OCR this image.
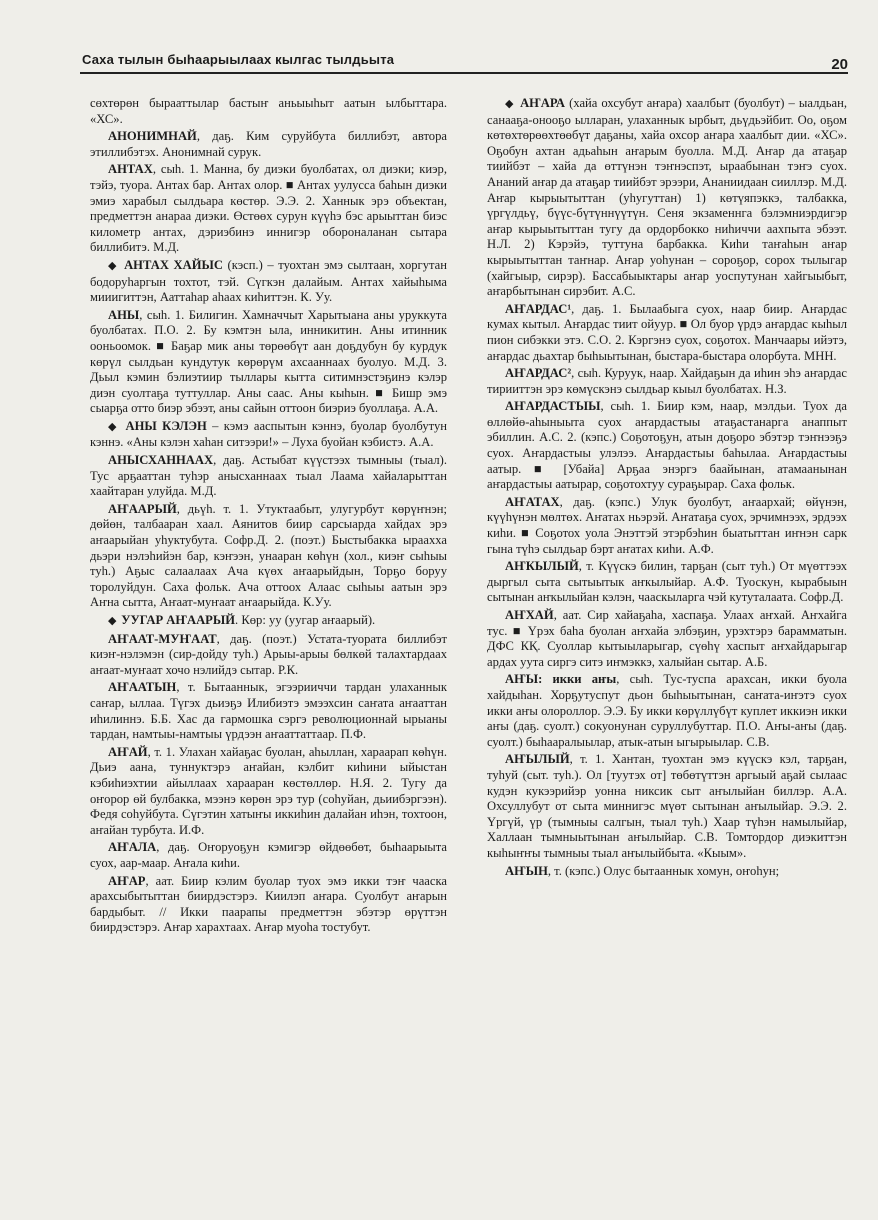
Саха тылын быһаарыылаах кылгас тылдьыта	20

сөхтөрөн бырааттылар бастыҥ аньыыһыт аатын ылбыттара. «ХС».

АНОНИМНАЙ, даҕ. Ким суруйбута биллибэт, автора этиллибэтэх. Анонимнай сурук.

АНТАХ, сыһ. 1. Манна, бу диэки буолбатах, ол диэки; киэр, тэйэ, туора. Антах бар. Антах олор. ■ Антах уулусса баһын диэки эмиэ харабыл сылдьара көстөр. Э.Э. 2. Ханнык эрэ объектан, предметтэн анараа диэки. Өстөөх сурун күүһэ бэс арыыттан биэс километр антах, дэриэбинэ иннигэр обороналанан сытара биллибитэ. М.Д.

◆ АНТАХ ХАЙЫС (кэсп.) – туохтан эмэ сылтаан, хоргутан бодоруһаргын тохтот, тэй. Сүгкэн далайым. Антах хайыһыма мииигиттэн, Ааттаһар аһаах киһиттэн. К. Уу.

АНЫ, сыһ. 1. Билигин. Хамначчыт Харытыана аны уруккута буолбатах. П.О. 2. Бу кэмтэн ыла, инникитин. Аны итинник ооньоомок. ■ Баҕар мик аны төрөөбүт аан доҕдубун бу курдук көрүл сылдьан кундутук көрөрүм ахсааннаах буолуо. М.Д. 3. Дьыл кэмин бэлиэтиир тыллары кытта ситимнэстэҕинэ кэлэр диэн суолтаҕа туттуллар. Аны саас. Аны кыһын. ■ Бишр эмэ сыарҕа отто биэр эбээт, аны сайын оттоон биэриэ буоллаҕа. А.А.

◆ АНЫ КЭЛЭН – кэмэ ааспытын кэннэ, буолар буолбутун кэннэ. «Аны кэлэн хаһан ситээри!» – Луха буойан кэбистэ. А.А.

АНЫСХАННААХ, даҕ. Астыбат күүстээх тымныы (тыал). Тус арҕааттан туһэр анысханнаах тыал Лаама хайаларыттан хаайтаран улуйда. М.Д.

АҤААРЫЙ, дьүһ. т. 1. Утуктаабыт, улугурбут көрүҥнэн; дөйөн, талбааран хаал. Аянитов бииp сарсыарда хайдах эрэ аҥаарыйан уһуктубута. Софр.Д. 2. (поэт.) Быстыбакка ыраахха дьэри нэлэһийэн бар, кэҥээн, унааран көһүн (хол., киэҥ сыһыы туһ.) Аҕыс салаалаах Ача күөх аҥаарыйдын, Торҕо боруу торолуйдун. Саха фольк. Ача оттоох Алаас сыһыы аатын эрэ Аҥна сытта, Аҥаат-муҥаат аҥаарыйда. К.Уу.

◆ УУГАР АҤААРЫЙ. Көр: уу (уугар аҥаарый).

АҤААТ-МУҤААТ, даҕ. (поэт.) Устата-туората биллибэт киэҥ-нэлэмэн (сир-дойду туһ.) Арыы-арыы бөлкөй талахтардаах аҥаат-муҥаат хочо нэлийдэ сытар. Р.К.

АҤААТЫН, т. Бытааннык, эгээрииччи тардан улаханнык саҥар, ыллаа. Түгэх дьиэҕэ Илибиэтэ эмээхсин саҥата аҥааттан иһилиннэ. Б.Б. Хас да гармошка сэргэ революционнай ырыаны тардан, намтыы-намтыы үрдээн аҥааттаттаар. П.Ф.

АҤАЙ, т. 1. Улахан хайаҕас буолан, аһыллан, хараарап көһүн. Дьиэ аана, туннуктэрэ аҥайан, кэлбит киһини ыйыстан кэбиһиэхтии айыллаах харааран көстөллөр. Н.Я. 2. Тугу да оҥорор өй булбакка, мээнэ көрөн эрэ тур (соһуйан, дьиибэргээн). Федя соһуйбута. Сүгэтин хатыҥы иккиһин далайан иһэн, тохтоон, аҥайан турбута. И.Ф.

АҤАЛА, даҕ. Оҥоруоҕун кэмигэр өйдөөбөт, быһаарыыта суох, аар-маар. Аҥала киһи.

АҤАР, аат. Биир кэлим буолар туох эмэ икки тэҥ чааска арахсыбытыттан биирдэстэрэ. Киилэп аҥара. Суолбут аҥарын бардыбыт. // Икки паарапы предметтэн эбэтэр өрүттэн биирдэстэрэ. Аҥар харахтаах. Аҥар муоһа тостубут.

◆ АҤАРА (хайа охсубут аҥара) хаалбыт (буолбут) – ыалдьан, санааҕа-онооҕо ылларан, улаханнык ырбыт, дьүдьэйбит. Оо, оҕом көтөхтөрөөхтөөбүт даҕаны, хайа охсор аҥара хаалбыт дии. «ХС». Оҕобун ахтан адьаһын аҥарым буолла. М.Д. Аҥар да атаҕар тиийбэт – хайа да өттүнэн тэҥнэспэт, ыраабынан тэҥэ суох. Ананий аҥар да атаҕар тиийбэт эрээри, Ананиидаан сииллэр. М.Д. Аҥар кырыытыттан (уһугуттан) 1) көтүяпэккэ, талбакка, үргүлдьү, бүүс-бүтүннүүтүн. Сеня экзаменнга бэлэмниэрдигэр аҥар кырыытыттан тугу да ордорбокко ниһиччи аахпыта эбээт. Н.Л. 2) Кэрэйэ, туттуна барбакка. Киһи таҥаһын аҥар кырыытыттан таҥнар. Аҥар уоһунан – сороҕор, сорох тылыгар (хайгыыр, сирэр). Бассабыыктары аҥар уоспутунан хайгыыбыт, аҥарбытынан сирэбит. А.С.

АҤАРДАС¹, даҕ. 1. Былаабыга суох, наар биир. Аҥардас кумах кытыл. Аҥардас тиит ойуур. ■ Ол буор үрдэ аҥардас кыһыл пион сибэкки этэ. С.О. 2. Кэргэнэ суох, соҕотох. Манчаары ийэтэ, аҥардас дьахтар быһыытынан, быстара-быстара олорбута. МНН.

АҤАРДАС², сыһ. Куруук, наар. Хайдаҕын да иһин эһэ аҥардас тирииттэн эрэ көмүскэнэ сылдьар кыыл буолбатах. Н.З.

АҤАРДАСТЫЫ, сыһ. 1. Биир кэм, наар, мэлдьи. Туох да өллөйө-аһыныыта суох аҥардастыы атаҕастанарга анаппыт эбиллин. А.С. 2. (кэпс.) Соҕотоҕун, атын доҕоро эбэтэр тэҥнээҕэ суох. Аҥардастыы улэлээ. Аҥардастыы баһылаа. Аҥардастыы аатыр. ■ [Убайа] Арҕаа энэргэ баайынан, атамаанынан аҥардастыы аатырар, соҕотохтуу сураҕырар. Саха фольк.

АҤАТАХ, даҕ. (кэпс.) Улук буолбут, аҥаархай; өйүнэн, күүһүнэн мөлтөх. Аҥатах ньэрэй. Аҥатаҕа суох, эрчимнээх, эрдээх киһи. ■ Соҕотох уола Энэттэй этэрбэһин быатыттан иҥнэн сарк гына түһэ сылдьар бэрт аҥатах киһи. А.Ф.

АҤКЫЛЫЙ, т. Күүскэ билин, тарҕан (сыт туһ.) От мүөттээх дыргыл сыта сытыытык аҥкылыйар. А.Ф. Туоскун, кырабыын сытынан аҥкылыйан кэлэн, чааскыларга чэй кутуталаата. Софр.Д.

АҤХАЙ, аат. Сир хайаҕаһа, хаспаҕа. Улаах аҥхай. Аҥхайга тус. ■ Үрэх баһа буолан аҥхайа элбэҕин, урэхтэрэ барамматын. ДФС КҚ. Суоллар кытыыларыгар, сүөһү хаспыт аҥхайдарыгар ардах уута сиргэ ситэ иҥмэккэ, халыйан сытар. А.Б.

АҤЫ: икки аҥы, сыһ. Тус-туспа арахсан, икки буола хайдыһан. Хорҕутуспут дьон быһыытынан, саҥата-иҥэтэ суох икки аҥы олороллор. Э.Э. Бу икки көрүллүбүт куплет иккиэн икки аҥы (даҕ. суолт.) сокуонунан суруллубуттар. П.О. Аҥы-аҥы (даҕ. суолт.) быһааралыылар, атык-атын ыгырыылар. С.В.

АҤЫЛЫЙ, т. 1. Хантан, туохтан эмэ күүскэ кэл, тарҕан, туһуй (сыт. туһ.). Ол [туутэх от] төбөтүттэн аргыый аҕай сылаас кудэн кукээрийэр уонна никсик сыт аҥылыйан биллэр. А.А. Охсуллубут от сыта миннигэс мүөт сытынан аҥылыйар. Э.Э. 2. Үргүй, үр (тымныы салгын, тыал туһ.) Хаар түһэн намылыйар, Халлаан тымныытынан аҥылыйар. С.В. Томтордор диэкиттэн кыһыҥҥы тымныы тыал аҥылыйбыта. «Кыым».

АҤЫН, т. (кэпс.) Олус бытааннык хомун, оҥоһун;
